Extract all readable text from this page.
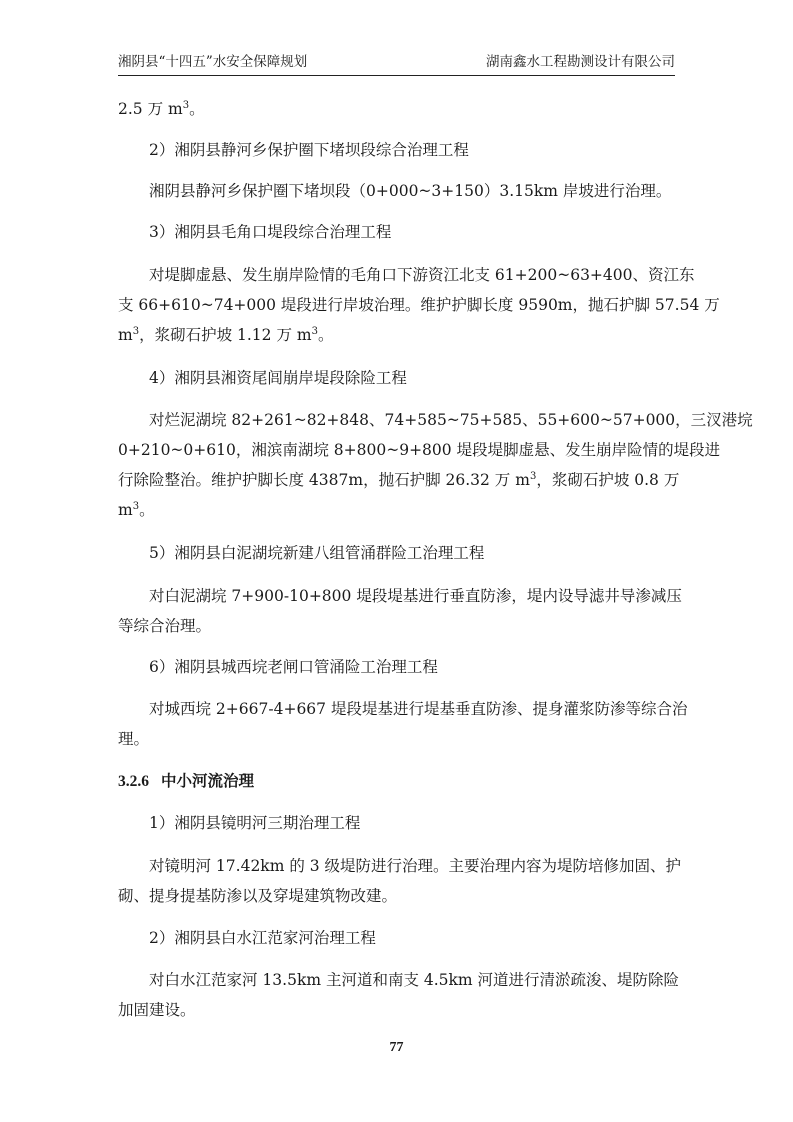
湘阴县“十四五”水安全保障规划	湖南鑫水工程勘测设计有限公司
2.5 万 $m^3$。
2）湘阴县静河乡保护圈下堵坝段综合治理工程
湘阴县静河乡保护圈下堵坝段（0+000~3+150）3.15km 岸坡进行治理。
3）湘阴县毛角口堤段综合治理工程
对堤脚虚悬、发生崩岸险情的毛角口下游资江北支 61+200~63+400、资江东
支 66+610~74+000 堤段进行岸坡治理。维护护脚长度 9590m，抛石护脚 57.54 万
$m^3$，浆砌石护坡 1.12 万 $m^3$。
4）湘阴县湘资尾闾崩岸堤段除险工程
对烂泥湖垸 82+261~82+848、74+585~75+585、55+600~57+000，三汊港垸
0+210~0+610，湘滨南湖垸 8+800~9+800 堤段堤脚虚悬、发生崩岸险情的堤段进
行除险整治。维护护脚长度 4387m，抛石护脚 26.32 万 $m^3$，浆砌石护坡 0.8 万
$m^3$。
5）湘阴县白泥湖垸新建八组管涌群险工治理工程
对白泥湖垸 7+900-10+800 堤段堤基进行垂直防渗，堤内设导滤井导渗减压
等综合治理。
6）湘阴县城西垸老闸口管涌险工治理工程
对城西垸 2+667-4+667 堤段堤基进行堤基垂直防渗、提身灌浆防渗等综合治
理。
3.2.6 中小河流治理
1）湘阴县镜明河三期治理工程
对镜明河 17.42km 的 3 级堤防进行治理。主要治理内容为堤防培修加固、护
砌、提身提基防渗以及穿堤建筑物改建。
2）湘阴县白水江范家河治理工程
对白水江范家河 13.5km 主河道和南支 4.5km 河道进行清淤疏浚、堤防除险
加固建设。
77
